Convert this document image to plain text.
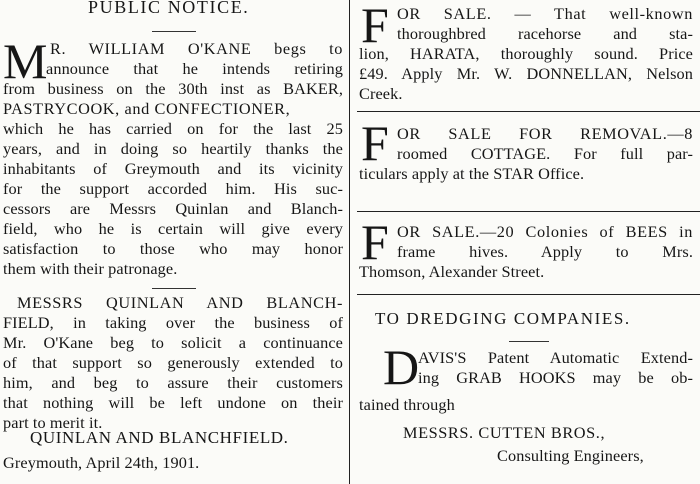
PUBLIC NOTICE.
M R. WILLIAM O'KANE begs to
announce that he intends retiring
from business on the 30th inst as BAKER,
PASTRYCOOK, and CONFECTIONER,
which he has carried on for the last 25
years, and in doing so heartily thanks the
inhabitants of Greymouth and its vicinity
for the support accorded him. His suc-
cessors are Messrs Quinlan and Blanch-
field, who he is certain will give every
satisfaction to those who may honor
them with their patronage.
MESSRS QUINLAN AND BLANCH-
FIELD, in taking over the business of
Mr. O'Kane beg to solicit a continuance
of that support so generously extended to
him, and beg to assure their customers
that nothing will be left undone on their
part to merit it.
QUINLAN AND BLANCHFIELD.
Greymouth, April 24th, 1901.
F OR SALE. — That well-known
thoroughbred racehorse and sta-
lion, HARATA, thoroughly sound. Price
£49. Apply Mr. W. DONNELLAN, Nelson
Creek.
F OR SALE FOR REMOVAL.—8
roomed COTTAGE. For full par-
ticulars apply at the STAR Office.
F OR SALE.—20 Colonies of BEES in
frame hives. Apply to Mrs.
Thomson, Alexander Street.
TO DREDGING COMPANIES.
D
AVIS'S Patent Automatic Extend-
ing GRAB HOOKS may be ob-
tained through
MESSRS. CUTTEN BROS.,
Consulting Engineers,
